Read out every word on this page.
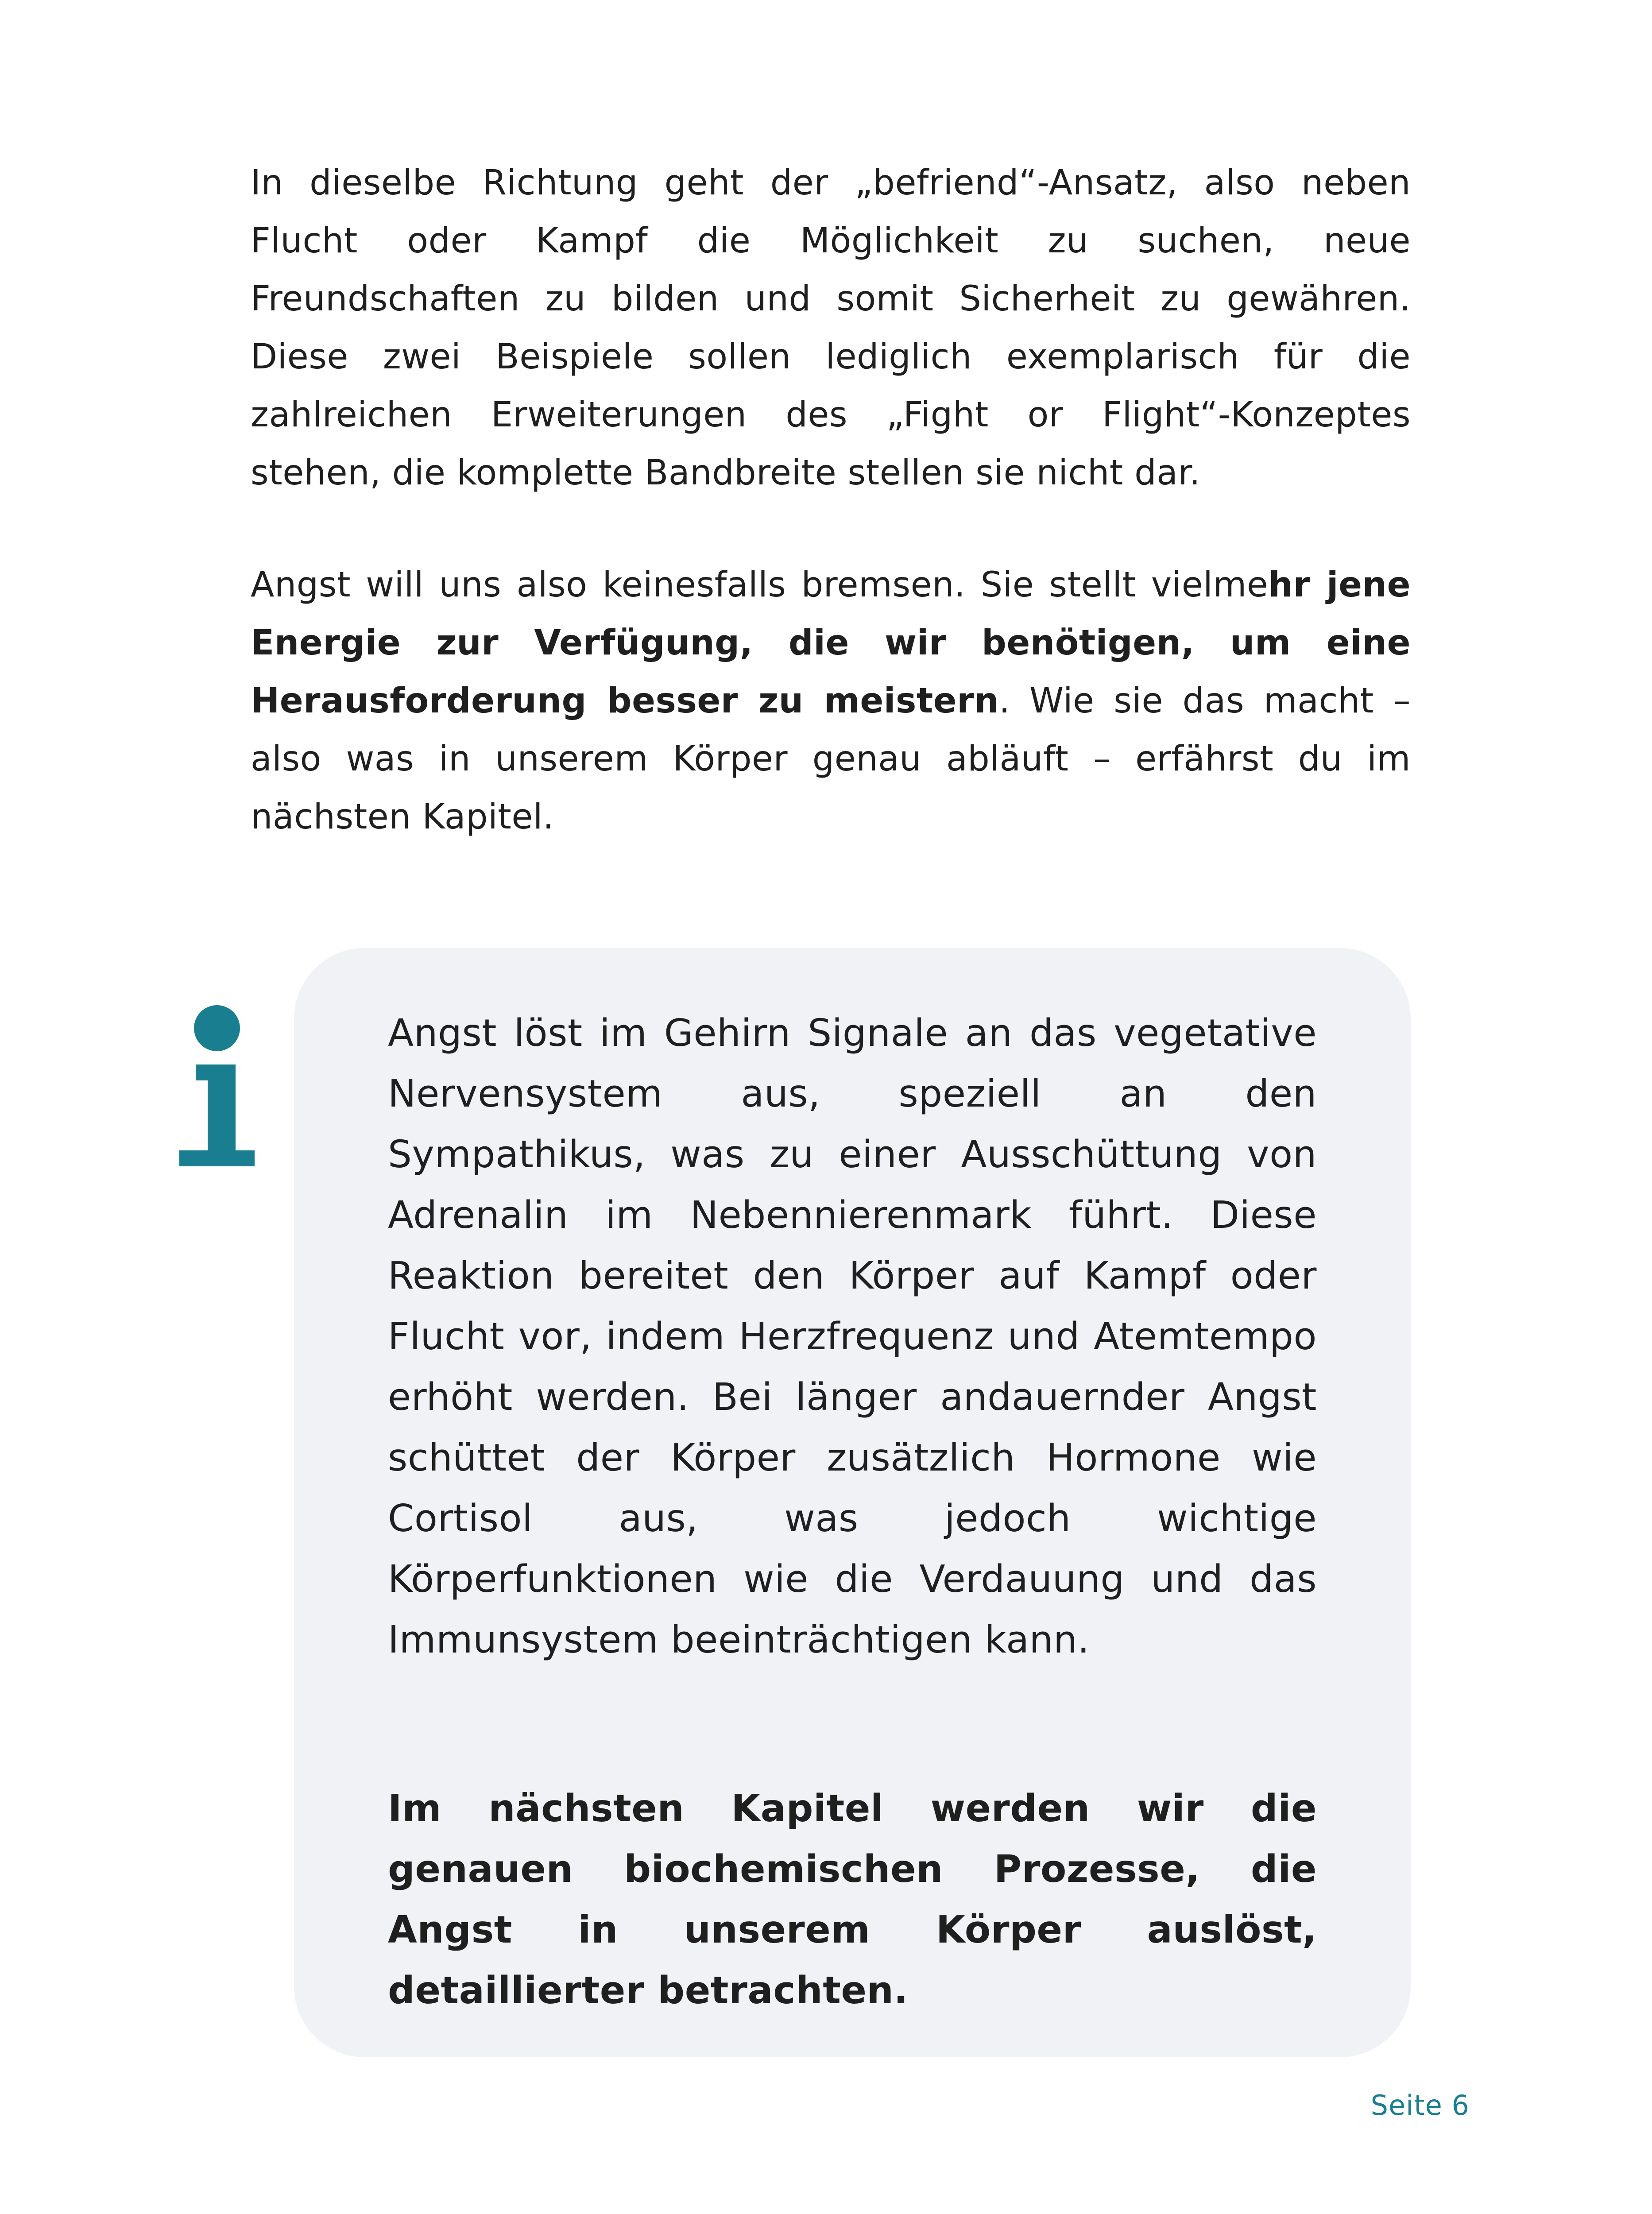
In dieselbe Richtung geht der „befriend“-Ansatz, also neben Flucht oder Kampf die Möglichkeit zu suchen, neue Freundschaften zu bilden und somit Sicherheit zu gewähren. Diese zwei Beispiele sollen lediglich exemplarisch für die zahlreichen Erweiterungen des „Fight or Flight“-Konzeptes stehen, die komplette Bandbreite stellen sie nicht dar.

Angst will uns also keinesfalls bremsen. Sie stellt vielmehr jene Energie zur Verfügung, die wir benötigen, um eine Herausforderung besser zu meistern. Wie sie das macht – also was in unserem Körper genau abläuft – erfährst du im nächsten Kapitel.

Angst löst im Gehirn Signale an das vegetative Nervensystem aus, speziell an den Sympathikus, was zu einer Ausschüttung von Adrenalin im Nebennierenmark führt. Diese Reaktion bereitet den Körper auf Kampf oder Flucht vor, indem Herzfrequenz und Atemtempo erhöht werden. Bei länger andauernder Angst schüttet der Körper zusätzlich Hormone wie Cortisol aus, was jedoch wichtige Körperfunktionen wie die Verdauung und das Immunsystem beeinträchtigen kann.

Im nächsten Kapitel werden wir die genauen biochemischen Prozesse, die Angst in unserem Körper auslöst, detaillierter betrachten.

Seite 6
